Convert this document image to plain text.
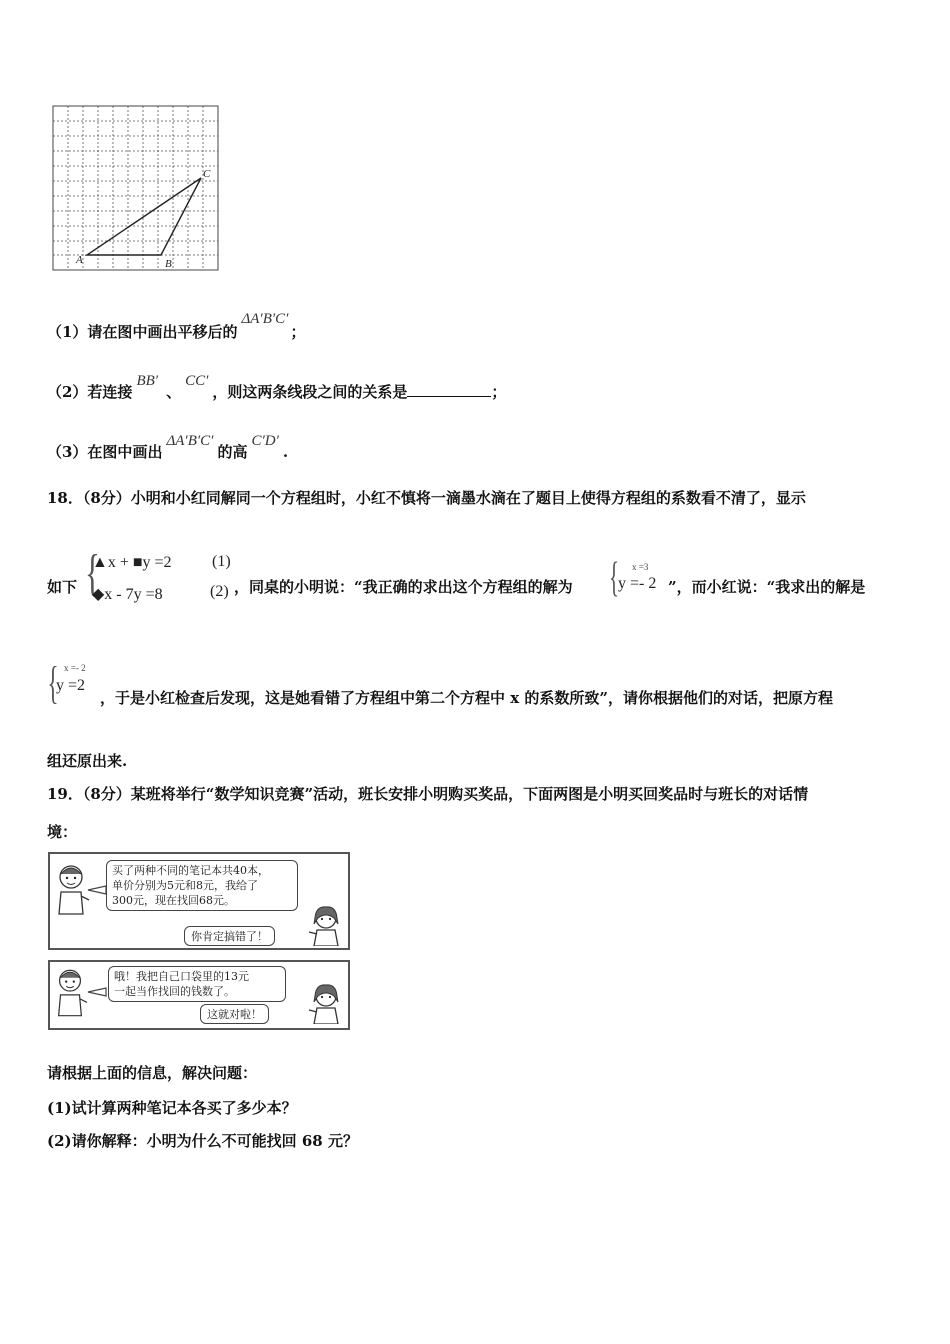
A	B
C
（1）请在图中画出平移后的ΔA′B′C′；
（2）若连接BB′、CC′，则这两条线段之间的关系是	；
（3）在图中画出ΔA′B′C′的高C′D′.
18．（8分）小明和小红同解同一个方程组时，小红不慎将一滴墨水滴在了题目上使得方程组的系数看不清了，显示
如下 {
▲x + ■y =2	(1)
◆x - 7y =8	(2) ，同桌的小明说：“我正确的求出这个方程组的解为 { x =3
y =- 2 ”，而小红说：“我求出的解是
{ x =- 2
y =2
，于是小红检查后发现，这是她看错了方程组中第二个方程中 x 的系数所致”，请你根据他们的对话，把原方程
组还原出来.
19．（8分）某班将举行“数学知识竞赛”活动，班长安排小明购买奖品，下面两图是小明买回奖品时与班长的对话情
境：
买了两种不同的笔记本共40本，
单价分别为5元和8元，我给了
300元，现在找回68元。
你肯定搞错了！
哦！我把自己口袋里的13元
一起当作找回的钱数了。
这就对啦！
请根据上面的信息，解决问题：
(1)试计算两种笔记本各买了多少本？
(2)请你解释：小明为什么不可能找回 68 元？
